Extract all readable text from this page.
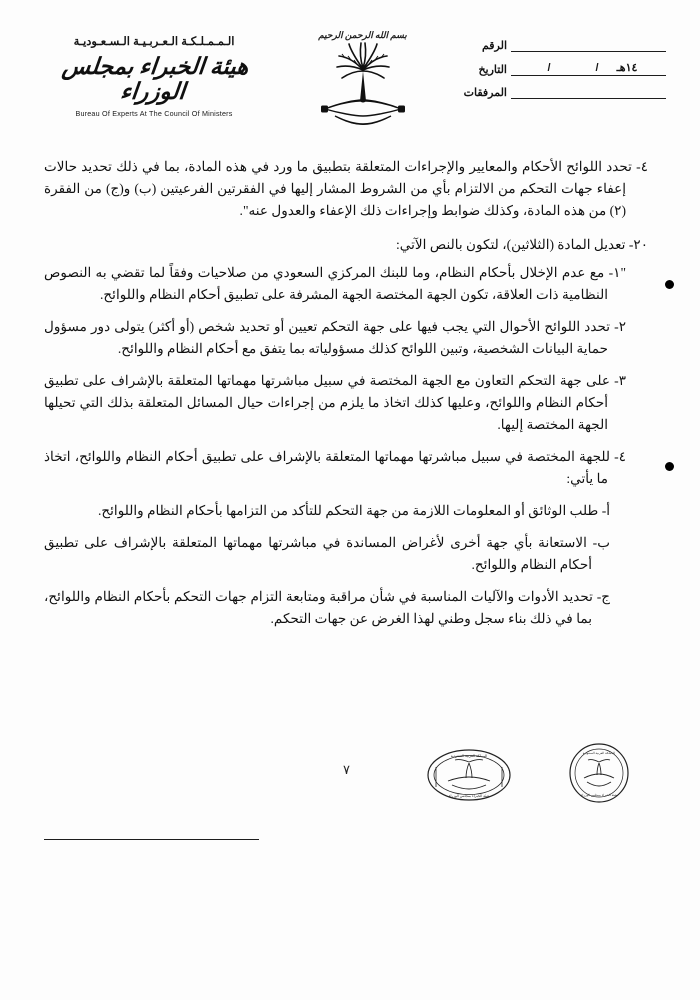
الـمـمـلـكـة الـعـربـيـة الـسـعـوديـة
هيئة الخبراء بمجلس الوزراء
Bureau Of Experts At The Council Of Ministers
بسم الله الرحمن الرحيم
الرقم
التاريخ	/	/	١٤هـ
المرفقات

٤- تحدد اللوائح الأحكام والمعايير والإجراءات المتعلقة بتطبيق ما ورد في هذه المادة، بما في ذلك تحديد حالات إعفاء جهات التحكم من الالتزام بأي من الشروط المشار إليها في الفقرتين الفرعيتين (ب) و(ج) من الفقرة (٢) من هذه المادة، وكذلك ضوابط وإجراءات ذلك الإعفاء والعدول عنه".

٢٠- تعديل المادة (الثلاثين)، لتكون بالنص الآتي:

"١- مع عدم الإخلال بأحكام النظام، وما للبنك المركزي السعودي من صلاحيات وفقاً لما تقضي به النصوص النظامية ذات العلاقة، تكون الجهة المختصة الجهة المشرفة على تطبيق أحكام النظام واللوائح.

٢- تحدد اللوائح الأحوال التي يجب فيها على جهة التحكم تعيين أو تحديد شخص (أو أكثر) يتولى دور مسؤول حماية البيانات الشخصية، وتبين اللوائح كذلك مسؤولياته بما يتفق مع أحكام النظام واللوائح.

٣- على جهة التحكم التعاون مع الجهة المختصة في سبيل مباشرتها مهماتها المتعلقة بالإشراف على تطبيق أحكام النظام واللوائح، وعليها كذلك اتخاذ ما يلزم من إجراءات حيال المسائل المتعلقة بذلك التي تحيلها الجهة المختصة إليها.

٤- للجهة المختصة في سبيل مباشرتها مهماتها المتعلقة بالإشراف على تطبيق أحكام النظام واللوائح، اتخاذ ما يأتي:

أ- طلب الوثائق أو المعلومات اللازمة من جهة التحكم للتأكد من التزامها بأحكام النظام واللوائح.

ب- الاستعانة بأي جهة أخرى لأغراض المساندة في مباشرتها مهماتها المتعلقة بالإشراف على تطبيق أحكام النظام واللوائح.

ج- تحديد الأدوات والآليات المناسبة في شأن مراقبة ومتابعة التزام جهات التحكم بأحكام النظام واللوائح، بما في ذلك بناء سجل وطني لهذا الغرض عن جهات التحكم.

المملكة العربية السعودية
هيئة الخبراء بمجلس الوزراء
المملكة العربية السعودية
هيئة الخبراء بمجلس الوزراء
٧
